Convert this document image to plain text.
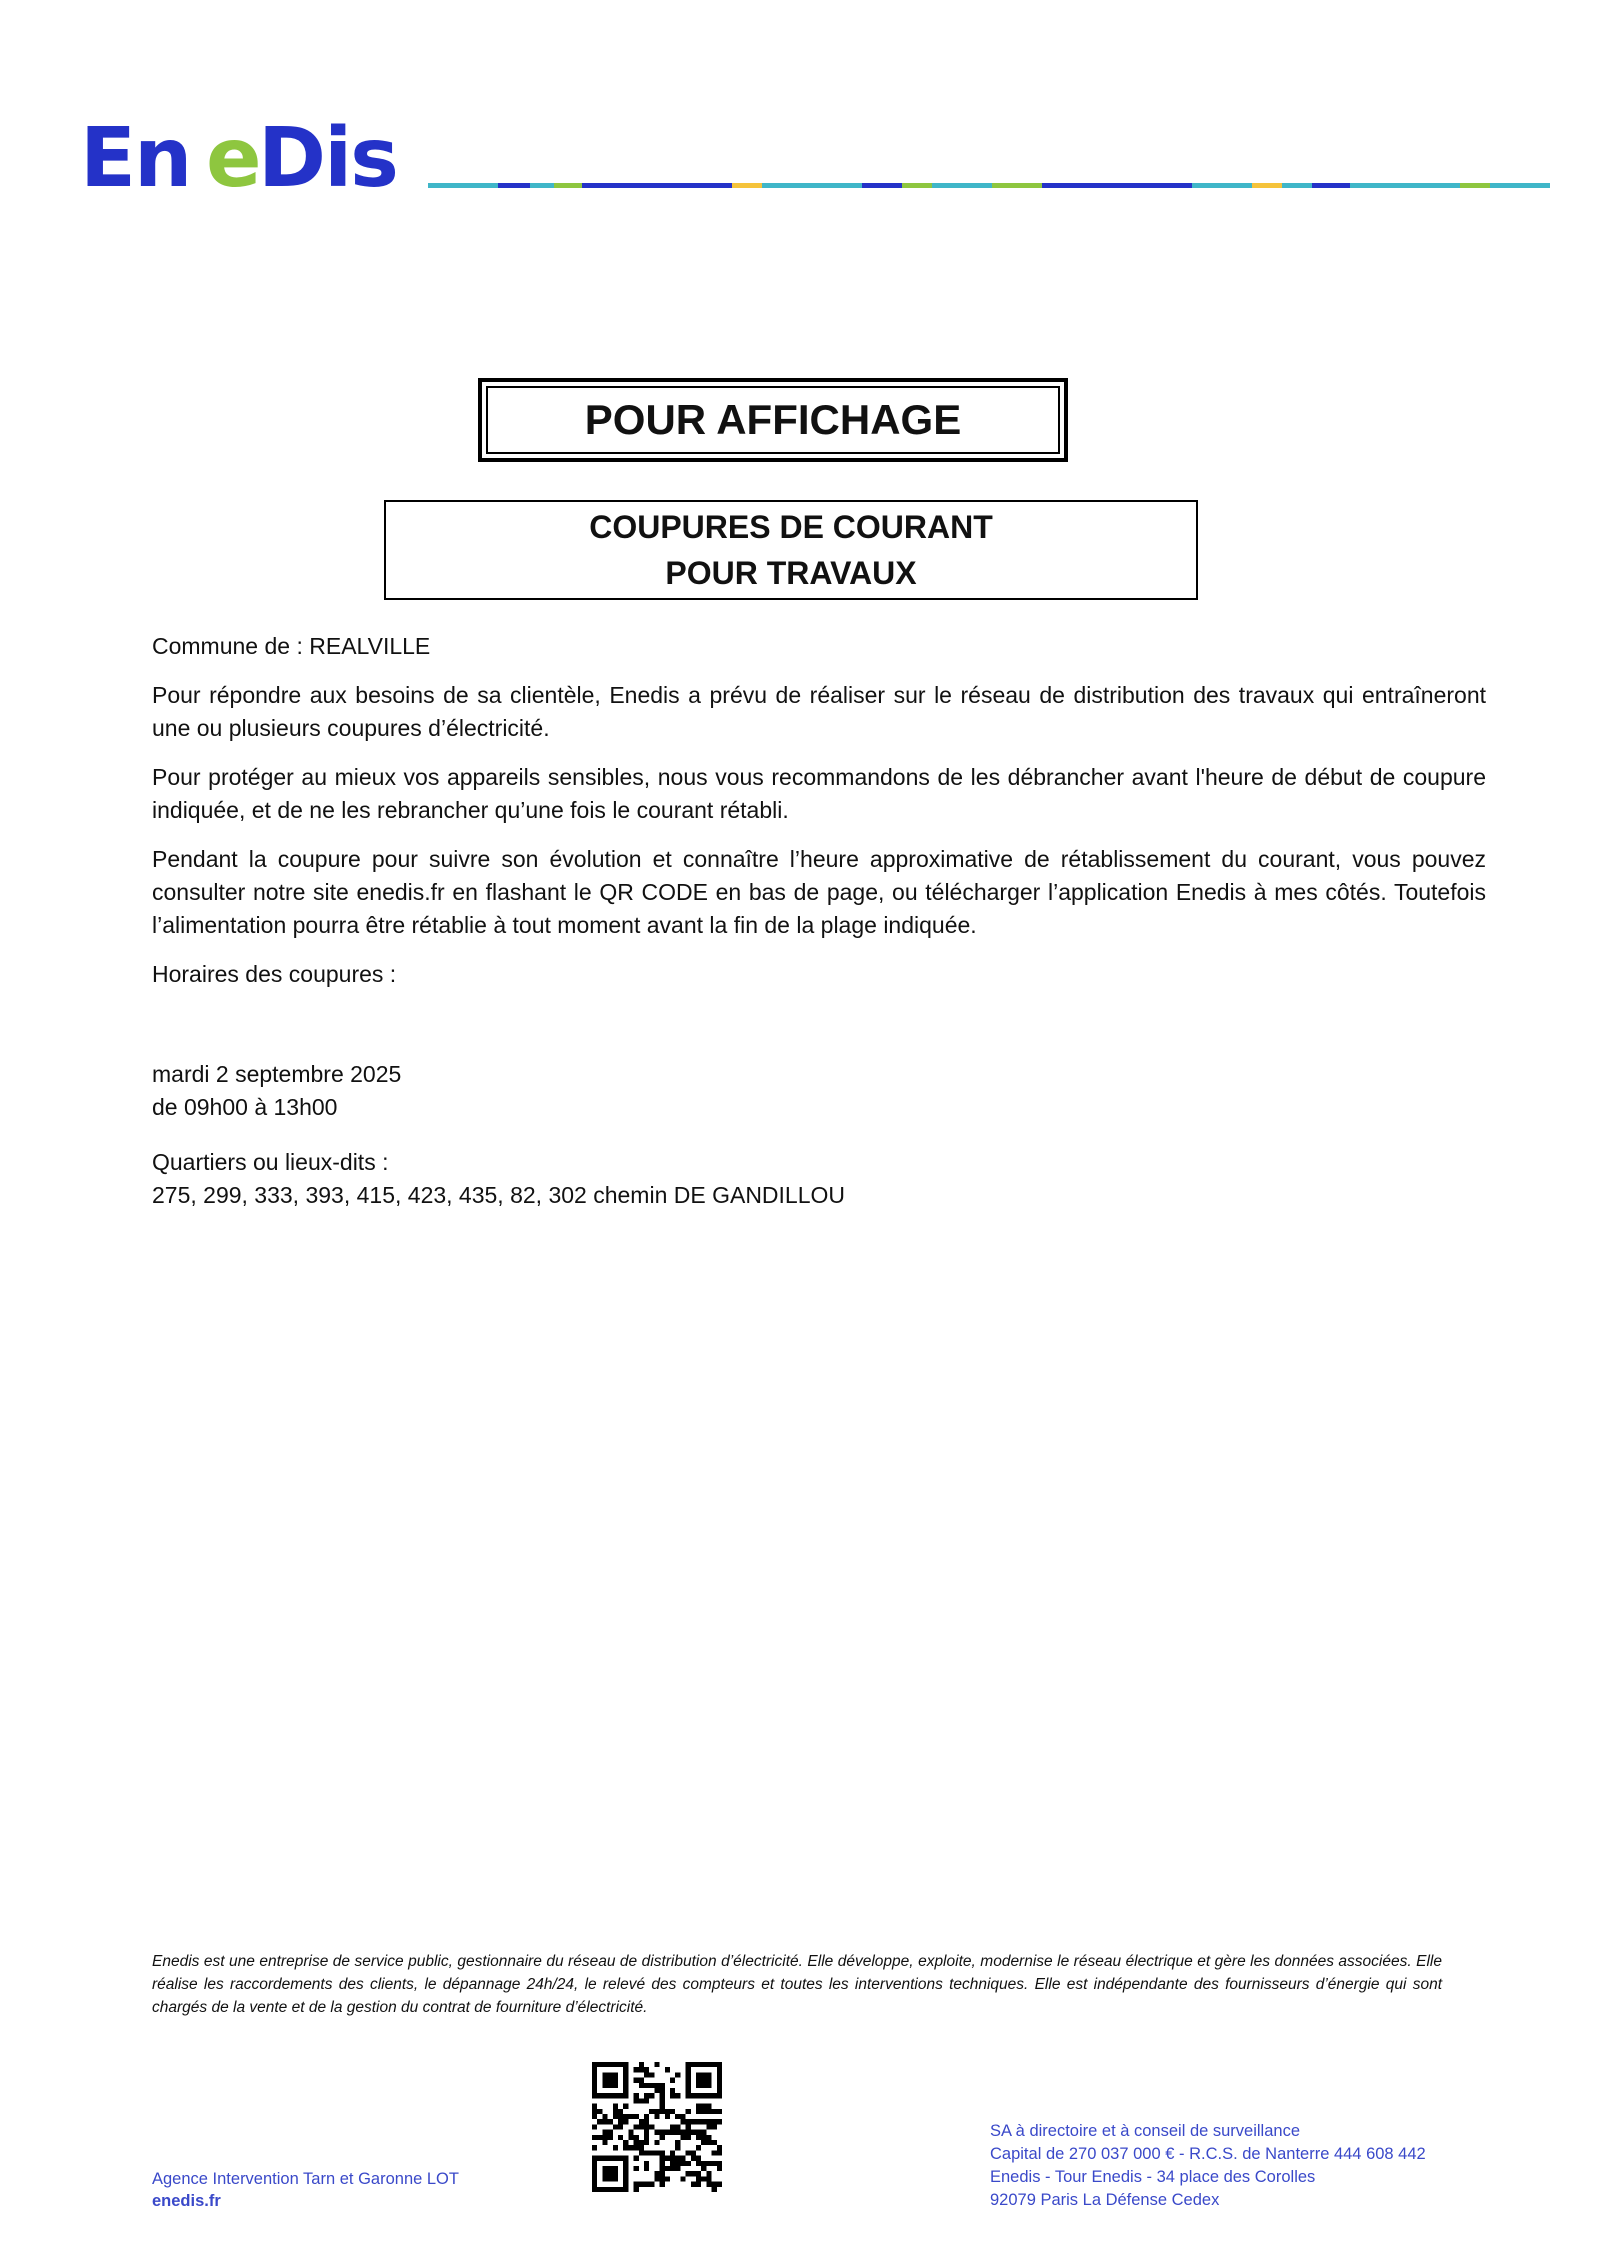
En e
Dis
POUR AFFICHAGE
COUPURES DE COURANT
POUR TRAVAUX

Commune de : REALVILLE

Pour répondre aux besoins de sa clientèle, Enedis a prévu de réaliser sur le réseau de distribution des travaux qui entraîneront une ou plusieurs coupures d’électricité.

Pour protéger au mieux vos appareils sensibles, nous vous recommandons de les débrancher avant l'heure de début de coupure indiquée, et de ne les rebrancher qu’une fois le courant rétabli.

Pendant la coupure pour suivre son évolution et connaître l’heure approximative de rétablissement du courant, vous pouvez consulter notre site enedis.fr en flashant le QR CODE en bas de page, ou télécharger l’application Enedis à mes côtés. Toutefois l’alimentation pourra être rétablie à tout moment avant la fin de la plage indiquée.

Horaires des coupures :

mardi 2 septembre 2025
de 09h00 à 13h00
Quartiers ou lieux-dits :
275, 299, 333, 393, 415, 423, 435, 82, 302 chemin DE GANDILLOU
Enedis est une entreprise de service public, gestionnaire du réseau de distribution d’électricité. Elle développe, exploite, modernise le réseau électrique et gère les données associées. Elle réalise les raccordements des clients, le dépannage 24h/24, le relevé des compteurs et toutes les interventions techniques. Elle est indépendante des fournisseurs d’énergie qui sont chargés de la vente et de la gestion du contrat de fourniture d’électricité.
Agence Intervention Tarn et Garonne LOT
enedis.fr
SA à directoire et à conseil de surveillance
Capital de 270 037 000 € - R.C.S. de Nanterre 444 608 442
Enedis - Tour Enedis - 34 place des Corolles
92079 Paris La Défense Cedex
